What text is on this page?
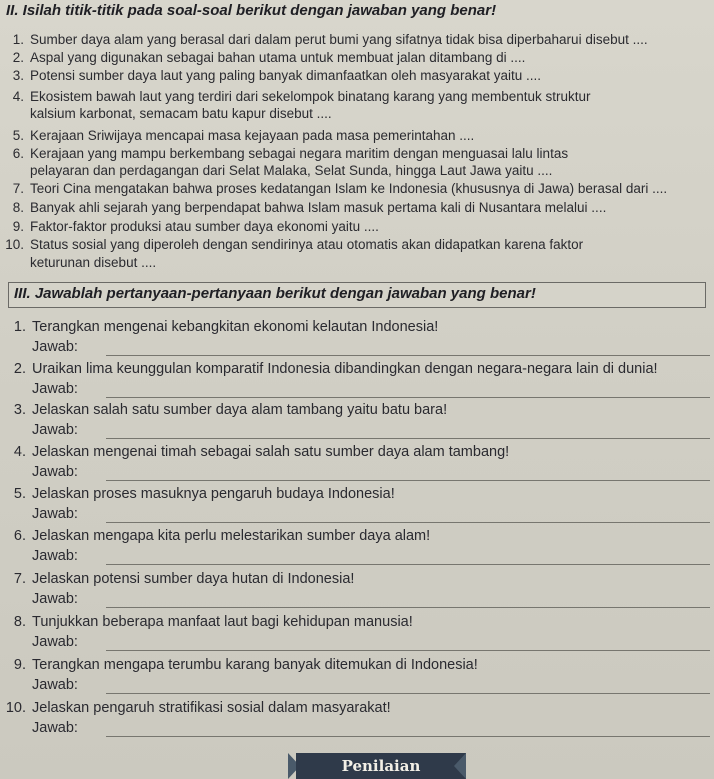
II. Isilah titik-titik pada soal-soal berikut dengan jawaban yang benar!
1. Sumber daya alam yang berasal dari dalam perut bumi yang sifatnya tidak bisa diperbaharui disebut ....
2. Aspal yang digunakan sebagai bahan utama untuk membuat jalan ditambang di ....
3. Potensi sumber daya laut yang paling banyak dimanfaatkan oleh masyarakat yaitu ....
4. Ekosistem bawah laut yang terdiri dari sekelompok binatang karang yang membentuk struktur
kalsium karbonat, semacam batu kapur disebut ....
5. Kerajaan Sriwijaya mencapai masa kejayaan pada masa pemerintahan ....
6. Kerajaan yang mampu berkembang sebagai negara maritim dengan menguasai lalu lintas
pelayaran dan perdagangan dari Selat Malaka, Selat Sunda, hingga Laut Jawa yaitu ....
7. Teori Cina mengatakan bahwa proses kedatangan Islam ke Indonesia (khususnya di Jawa) berasal dari ....
8. Banyak ahli sejarah yang berpendapat bahwa Islam masuk pertama kali di Nusantara melalui ....
9. Faktor-faktor produksi atau sumber daya ekonomi yaitu ....
10. Status sosial yang diperoleh dengan sendirinya atau otomatis akan didapatkan karena faktor
keturunan disebut ....
III. Jawablah pertanyaan-pertanyaan berikut dengan jawaban yang benar!
1. Terangkan mengenai kebangkitan ekonomi kelautan Indonesia!
Jawab:
2. Uraikan lima keunggulan komparatif Indonesia dibandingkan dengan negara-negara lain di dunia!
Jawab:
3. Jelaskan salah satu sumber daya alam tambang yaitu batu bara!
Jawab:
4. Jelaskan mengenai timah sebagai salah satu sumber daya alam tambang!
Jawab:
5. Jelaskan proses masuknya pengaruh budaya Indonesia!
Jawab:
6. Jelaskan mengapa kita perlu melestarikan sumber daya alam!
Jawab:
7. Jelaskan potensi sumber daya hutan di Indonesia!
Jawab:
8. Tunjukkan beberapa manfaat laut bagi kehidupan manusia!
Jawab:
9. Terangkan mengapa terumbu karang banyak ditemukan di Indonesia!
Jawab:
10. Jelaskan pengaruh stratifikasi sosial dalam masyarakat!
Jawab:
Penilaian
